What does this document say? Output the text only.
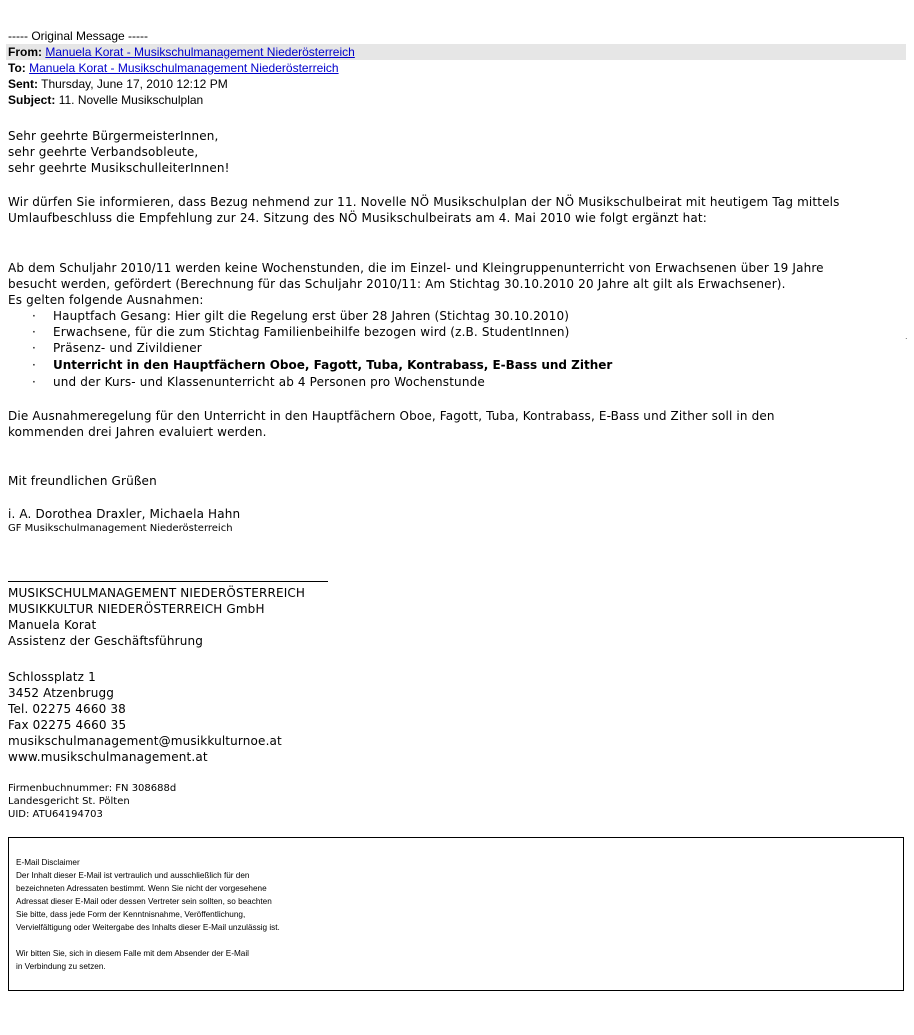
----- Original Message -----
From: Manuela Korat - Musikschulmanagement Niederösterreich
To: Manuela Korat - Musikschulmanagement Niederösterreich
Sent: Thursday, June 17, 2010 12:12 PM
Subject: 11. Novelle Musikschulplan
Sehr geehrte BürgermeisterInnen,
sehr geehrte Verbandsobleute,
sehr geehrte MusikschulleiterInnen!
Wir dürfen Sie informieren, dass Bezug nehmend zur 11. Novelle NÖ Musikschulplan der NÖ Musikschulbeirat mit heutigem Tag mittels
Umlaufbeschluss die Empfehlung zur 24. Sitzung des NÖ Musikschulbeirats am 4. Mai 2010 wie folgt ergänzt hat:
Ab dem Schuljahr 2010/11 werden keine Wochenstunden, die im Einzel- und Kleingruppenunterricht von Erwachsenen über 19 Jahre
besucht werden, gefördert (Berechnung für das Schuljahr 2010/11: Am Stichtag 30.10.2010 20 Jahre alt gilt als Erwachsener).
Es gelten folgende Ausnahmen:
· Hauptfach Gesang: Hier gilt die Regelung erst über 28 Jahren (Stichtag 30.10.2010)
· Erwachsene, für die zum Stichtag Familienbeihilfe bezogen wird (z.B. StudentInnen)
· Präsenz- und Zivildiener
· Unterricht in den Hauptfächern Oboe, Fagott, Tuba, Kontrabass, E-Bass und Zither
· und der Kurs- und Klassenunterricht ab 4 Personen pro Wochenstunde
.
Die Ausnahmeregelung für den Unterricht in den Hauptfächern Oboe, Fagott, Tuba, Kontrabass, E-Bass und Zither soll in den
kommenden drei Jahren evaluiert werden.
Mit freundlichen Grüßen
i. A. Dorothea Draxler, Michaela Hahn
GF Musikschulmanagement Niederösterreich
MUSIKSCHULMANAGEMENT NIEDERÖSTERREICH
MUSIKKULTUR NIEDERÖSTERREICH GmbH
Manuela Korat
Assistenz der Geschäftsführung
Schlossplatz 1
3452 Atzenbrugg
Tel. 02275 4660 38
Fax 02275 4660 35
musikschulmanagement@musikkulturnoe.at
www.musikschulmanagement.at
Firmenbuchnummer: FN 308688d
Landesgericht St. Pölten
UID: ATU64194703
E-Mail Disclaimer
Der Inhalt dieser E-Mail ist vertraulich und ausschließlich für den
bezeichneten Adressaten bestimmt. Wenn Sie nicht der vorgesehene
Adressat dieser E-Mail oder dessen Vertreter sein sollten, so beachten
Sie bitte, dass jede Form der Kenntnisnahme, Veröffentlichung,
Vervielfältigung oder Weitergabe des Inhalts dieser E-Mail unzulässig ist.
Wir bitten Sie, sich in diesem Falle mit dem Absender der E-Mail
in Verbindung zu setzen.
